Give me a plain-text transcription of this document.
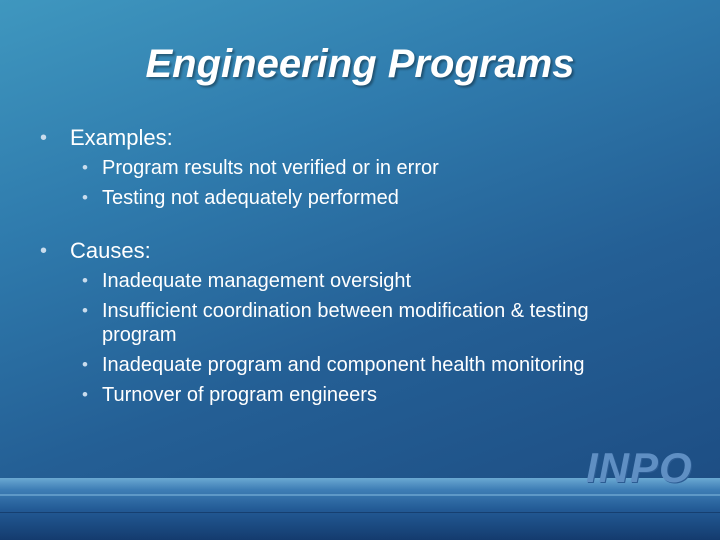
Engineering Programs
• Examples:
• Program results not verified or in error
• Testing not adequately performed
• Causes:
• Inadequate management oversight
• Insufficient coordination between modification & testing program
• Inadequate program and component health monitoring
• Turnover of program engineers
INPO
